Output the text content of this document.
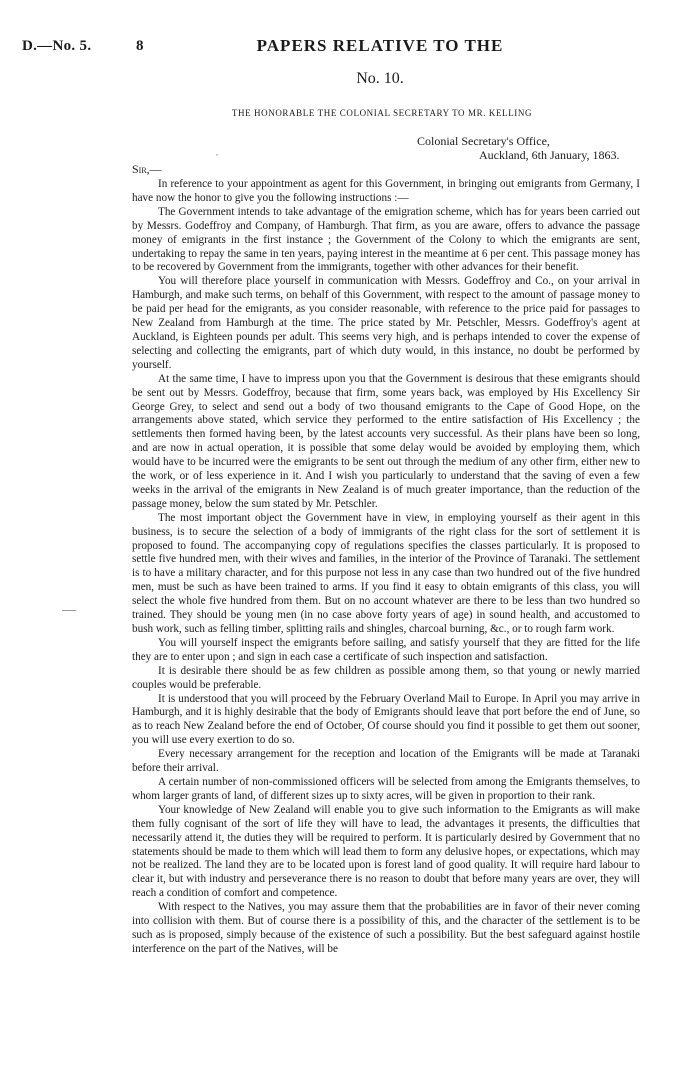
D.—No. 5.	8	PAPERS RELATIVE TO THE
No. 10.
THE HONORABLE THE COLONIAL SECRETARY TO MR. KELLING
,
Colonial Secretary's Office,
Auckland, 6th January, 1863.
Sir,—

In reference to your appointment as agent for this Government, in bringing out emigrants from Germany, I have now the honor to give you the following instructions :—

The Government intends to take advantage of the emigration scheme, which has for years been carried out by Messrs. Godeffroy and Company, of Hamburgh. That firm, as you are aware, offers to advance the passage money of emigrants in the first instance ; the Government of the Colony to which the emigrants are sent, undertaking to repay the same in ten years, paying interest in the meantime at 6 per cent. This passage money has to be recovered by Government from the immigrants, together with other advances for their benefit.

You will therefore place yourself in communication with Messrs. Godeffroy and Co., on your arrival in Hamburgh, and make such terms, on behalf of this Government, with respect to the amount of passage money to be paid per head for the emigrants, as you consider reasonable, with reference to the price paid for passages to New Zealand from Hamburgh at the time. The price stated by Mr. Petschler, Messrs. Godeffroy's agent at Auckland, is Eighteen pounds per adult. This seems very high, and is perhaps intended to cover the expense of selecting and collecting the emigrants, part of which duty would, in this instance, no doubt be performed by yourself.

At the same time, I have to impress upon you that the Government is desirous that these emigrants should be sent out by Messrs. Godeffroy, because that firm, some years back, was employed by His Excellency Sir George Grey, to select and send out a body of two thousand emigrants to the Cape of Good Hope, on the arrangements above stated, which service they performed to the entire satisfaction of His Excellency ; the settlements then formed having been, by the latest accounts very successful. As their plans have been so long, and are now in actual operation, it is possible that some delay would be avoided by employing them, which would have to be incurred were the emigrants to be sent out through the medium of any other firm, either new to the work, or of less experience in it. And I wish you particularly to understand that the saving of even a few weeks in the arrival of the emigrants in New Zealand is of much greater importance, than the reduction of the passage money, below the sum stated by Mr. Petschler.

The most important object the Government have in view, in employing yourself as their agent in this business, is to secure the selection of a body of immigrants of the right class for the sort of settlement it is proposed to found. The accompanying copy of regulations specifies the classes particularly. It is proposed to settle five hundred men, with their wives and families, in the interior of the Province of Taranaki. The settlement is to have a military character, and for this purpose not less in any case than two hundred out of the five hundred men, must be such as have been trained to arms. If you find it easy to obtain emigrants of this class, you will select the whole five hundred from them. But on no account whatever are there to be less than two hundred so trained. They should be young men (in no case above forty years of age) in sound health, and accustomed to bush work, such as felling timber, splitting rails and shingles, charcoal burning, &c., or to rough farm work.

You will yourself inspect the emigrants before sailing, and satisfy yourself that they are fitted for the life they are to enter upon ; and sign in each case a certificate of such inspection and satisfaction.

It is desirable there should be as few children as possible among them, so that young or newly married couples would be preferable.

It is understood that you will proceed by the February Overland Mail to Europe. In April you may arrive in Hamburgh, and it is highly desirable that the body of Emigrants should leave that port before the end of June, so as to reach New Zealand before the end of October, Of course should you find it possible to get them out sooner, you will use every exertion to do so.

Every necessary arrangement for the reception and location of the Emigrants will be made at Taranaki before their arrival.

A certain number of non-commissioned officers will be selected from among the Emigrants themselves, to whom larger grants of land, of different sizes up to sixty acres, will be given in proportion to their rank.

Your knowledge of New Zealand will enable you to give such information to the Emigrants as will make them fully cognisant of the sort of life they will have to lead, the advantages it presents, the difficulties that necessarily attend it, the duties they will be required to perform. It is particularly desired by Government that no statements should be made to them which will lead them to form any delusive hopes, or expectations, which may not be realized. The land they are to be located upon is forest land of good quality. It will require hard labour to clear it, but with industry and perseverance there is no reason to doubt that before many years are over, they will reach a condition of comfort and competence.

With respect to the Natives, you may assure them that the probabilities are in favor of their never coming into collision with them. But of course there is a possibility of this, and the character of the settlement is to be such as is proposed, simply because of the existence of such a possibility. But the best safeguard against hostile interference on the part of the Natives, will be
